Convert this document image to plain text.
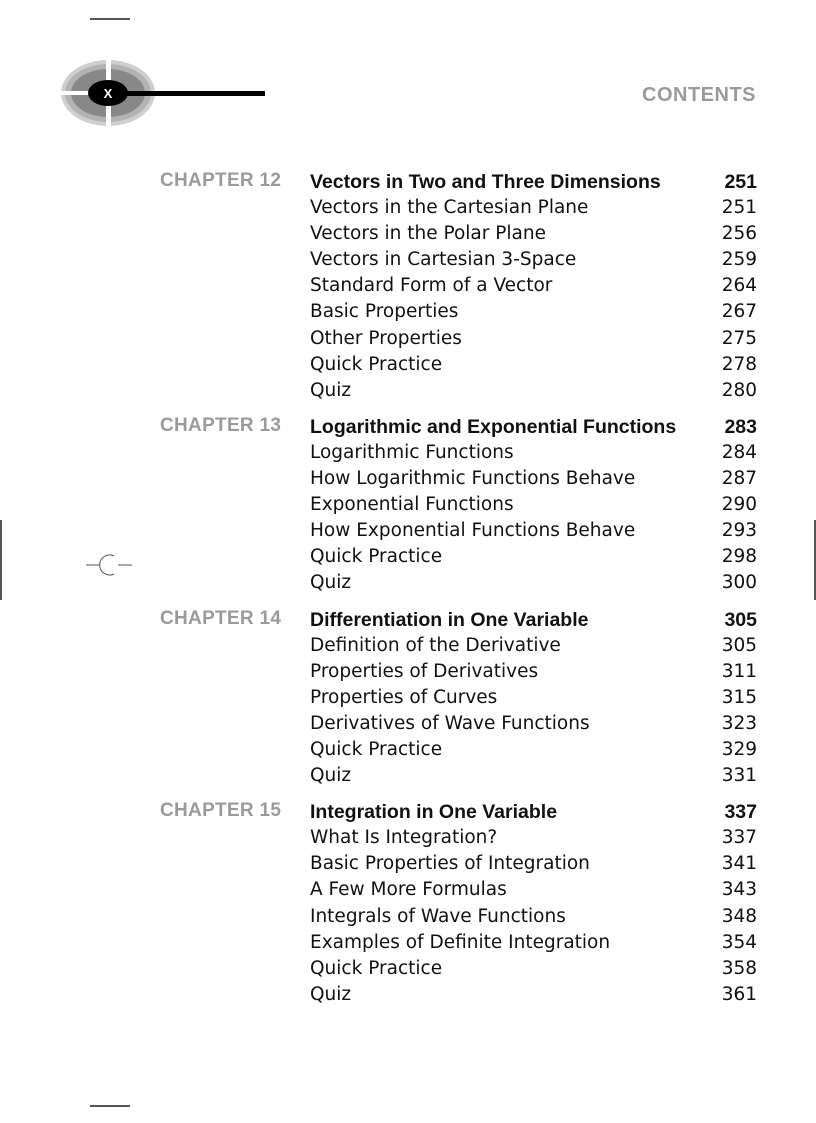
X	CONTENTS
CHAPTER 12 Vectors in Two and Three Dimensions	251
Vectors in the Cartesian Plane	251
Vectors in the Polar Plane	256
Vectors in Cartesian 3-Space	259
Standard Form of a Vector	264
Basic Properties	267
Other Properties	275
Quick Practice	278
Quiz	280
CHAPTER 13 Logarithmic and Exponential Functions 283
Logarithmic Functions	284
How Logarithmic Functions Behave	287
Exponential Functions	290
How Exponential Functions Behave	293
Quick Practice	298
Quiz	300
CHAPTER 14 Differentiation in One Variable	305
Definition of the Derivative	305
Properties of Derivatives	311
Properties of Curves	315
Derivatives of Wave Functions	323
Quick Practice	329
Quiz	331
CHAPTER 15 Integration in One Variable	337
What Is Integration?	337
Basic Properties of Integration	341
A Few More Formulas	343
Integrals of Wave Functions	348
Examples of Definite Integration	354
Quick Practice	358
Quiz	361
